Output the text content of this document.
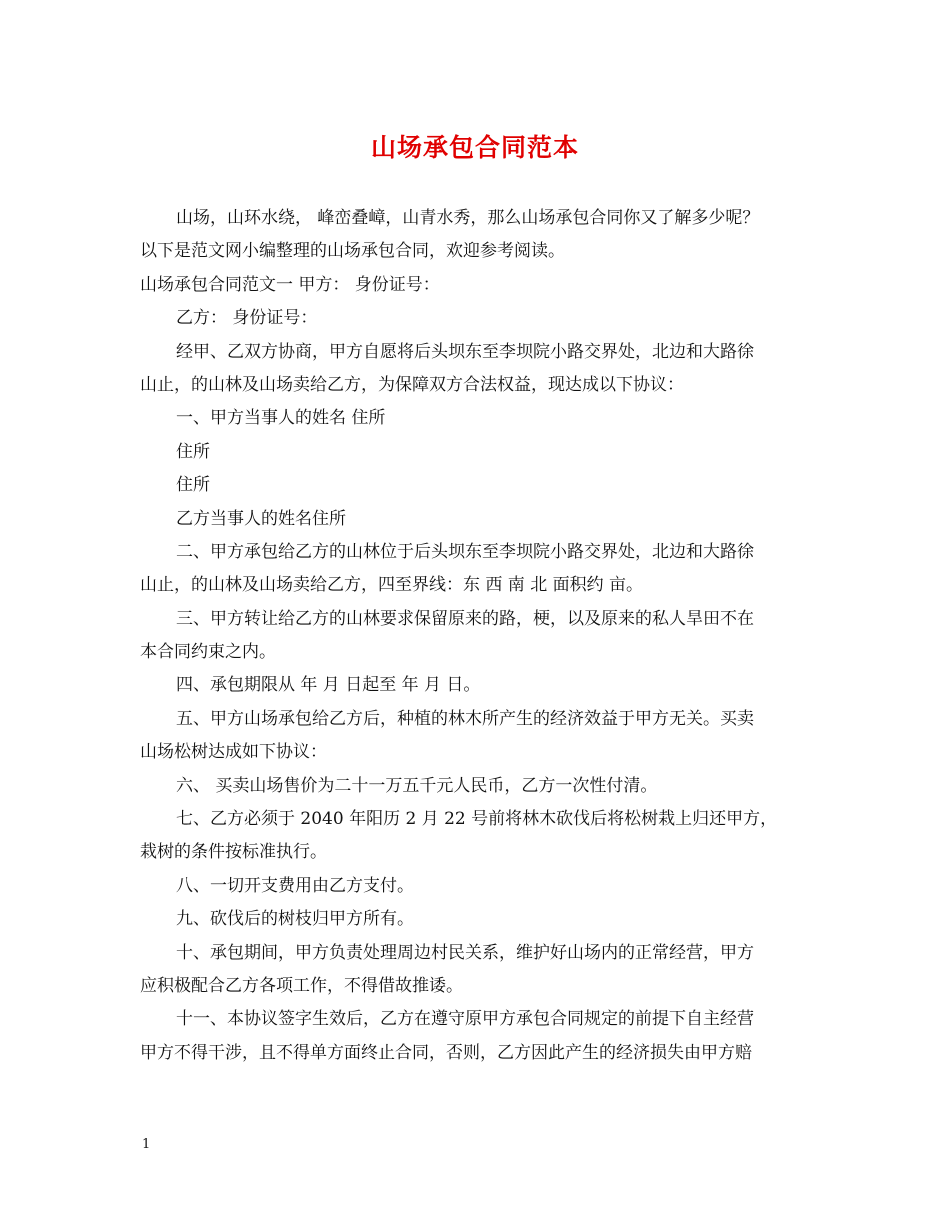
山场承包合同范本

山场，山环水绕， 峰峦叠嶂，山青水秀，那么山场承包合同你又了解多少呢？

以下是范文网小编整理的山场承包合同，欢迎参考阅读。

山场承包合同范文一 甲方： 身份证号：

乙方： 身份证号：

经甲、乙双方协商，甲方自愿将后头坝东至李坝院小路交界处，北边和大路徐

山止，的山林及山场卖给乙方，为保障双方合法权益，现达成以下协议：

一、甲方当事人的姓名 住所

住所

住所

乙方当事人的姓名住所

二、甲方承包给乙方的山林位于后头坝东至李坝院小路交界处，北边和大路徐

山止，的山林及山场卖给乙方，四至界线：东 西 南 北 面积约 亩。

三、甲方转让给乙方的山林要求保留原来的路，梗，以及原来的私人旱田不在

本合同约束之内。

四、承包期限从 年 月 日起至 年 月 日。

五、甲方山场承包给乙方后，种植的林木所产生的经济效益于甲方无关。买卖

山场松树达成如下协议：

六、 买卖山场售价为二十一万五千元人民币，乙方一次性付清。

七、乙方必须于 2040 年阳历 2 月 22 号前将林木砍伐后将松树栽上归还甲方，

栽树的条件按标准执行。

八、一切开支费用由乙方支付。

九、砍伐后的树枝归甲方所有。

十、承包期间，甲方负责处理周边村民关系，维护好山场内的正常经营，甲方

应积极配合乙方各项工作，不得借故推诿。

十一、本协议签字生效后，乙方在遵守原甲方承包合同规定的前提下自主经营

甲方不得干涉，且不得单方面终止合同，否则，乙方因此产生的经济损失由甲方赔

1
